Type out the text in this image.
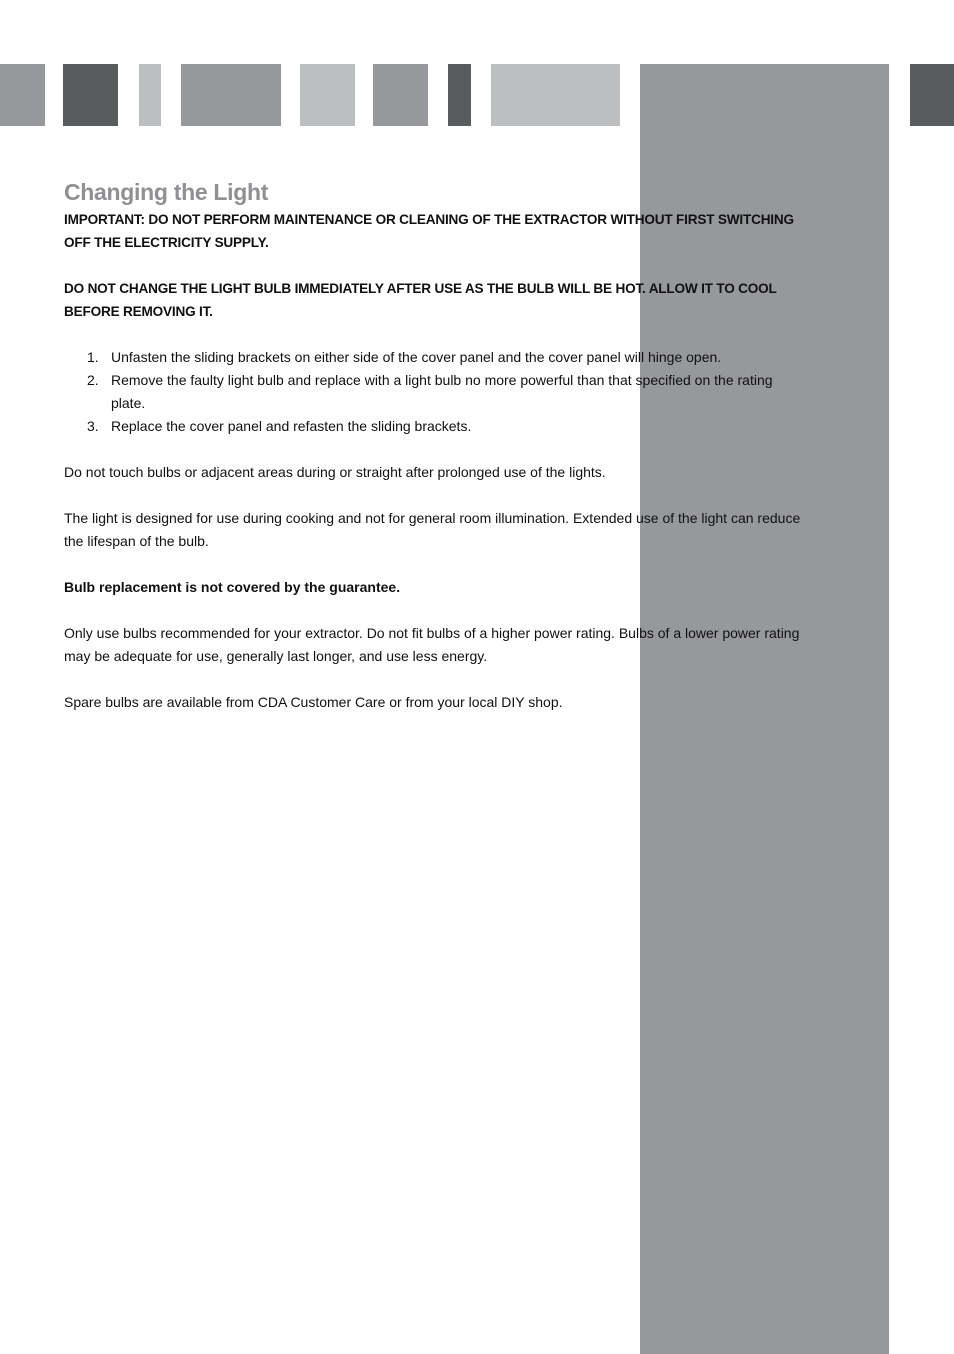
Changing the Light

IMPORTANT: DO NOT PERFORM MAINTENANCE OR CLEANING OF THE EXTRACTOR WITHOUT FIRST SWITCHING OFF THE ELECTRICITY SUPPLY.

DO NOT CHANGE THE LIGHT BULB IMMEDIATELY AFTER USE AS THE BULB WILL BE HOT. ALLOW IT TO COOL BEFORE REMOVING IT.

1. Unfasten the sliding brackets on either side of the cover panel and the cover panel will hinge open.
2. Remove the faulty light bulb and replace with a light bulb no more powerful than that specified on the rating plate.
3. Replace the cover panel and refasten the sliding brackets.

Do not touch bulbs or adjacent areas during or straight after prolonged use of the lights.

The light is designed for use during cooking and not for general room illumination. Extended use of the light can reduce the lifespan of the bulb.

Bulb replacement is not covered by the guarantee.

Only use bulbs recommended for your extractor. Do not fit bulbs of a higher power rating. Bulbs of a lower power rating may be adequate for use, generally last longer, and use less energy.

Spare bulbs are available from CDA Customer Care or from your local DIY shop.
